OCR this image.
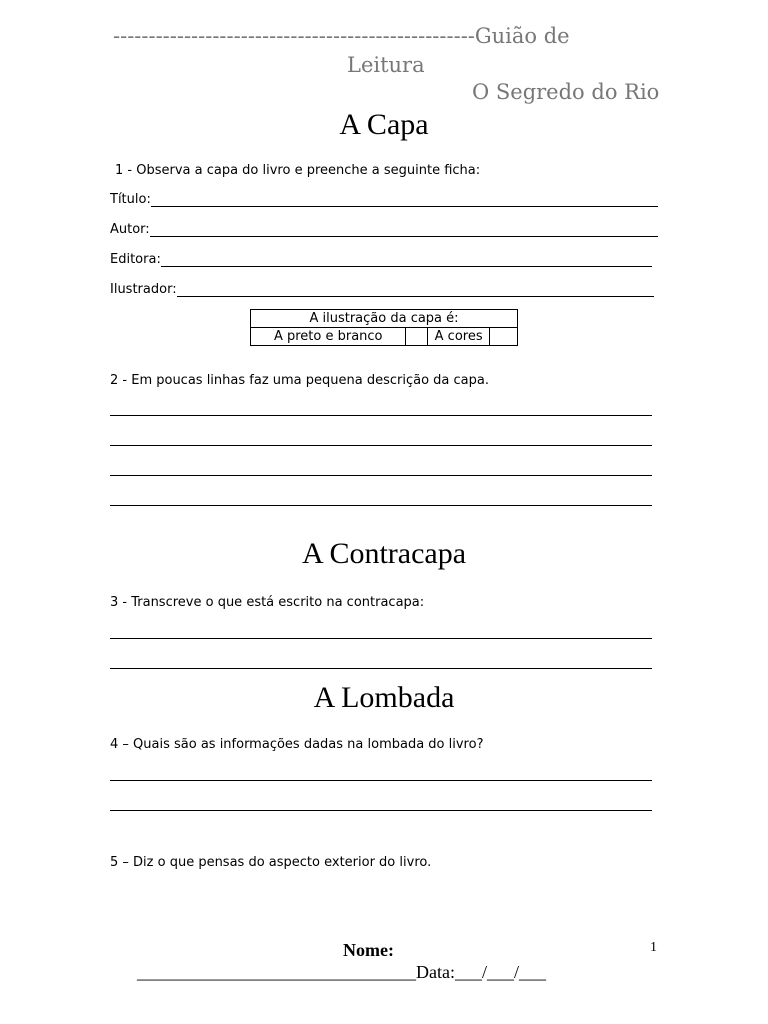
---------------------------------------------------Guião de
Leitura
O Segredo do Rio
A Capa
1 - Observa a capa do livro e preenche a seguinte ficha:
Título:
Autor:
Editora:
Ilustrador:
A ilustração da capa é:
A preto e branco		A cores	
2 - Em poucas linhas faz uma pequena descrição da capa.
A Contracapa
3 - Transcreve o que está escrito na contracapa:
A Lombada
4 – Quais são as informações dadas na lombada do livro?
5 – Diz o que pensas do aspecto exterior do livro.
Nome:
_______________________________Data:___/___/___
1
